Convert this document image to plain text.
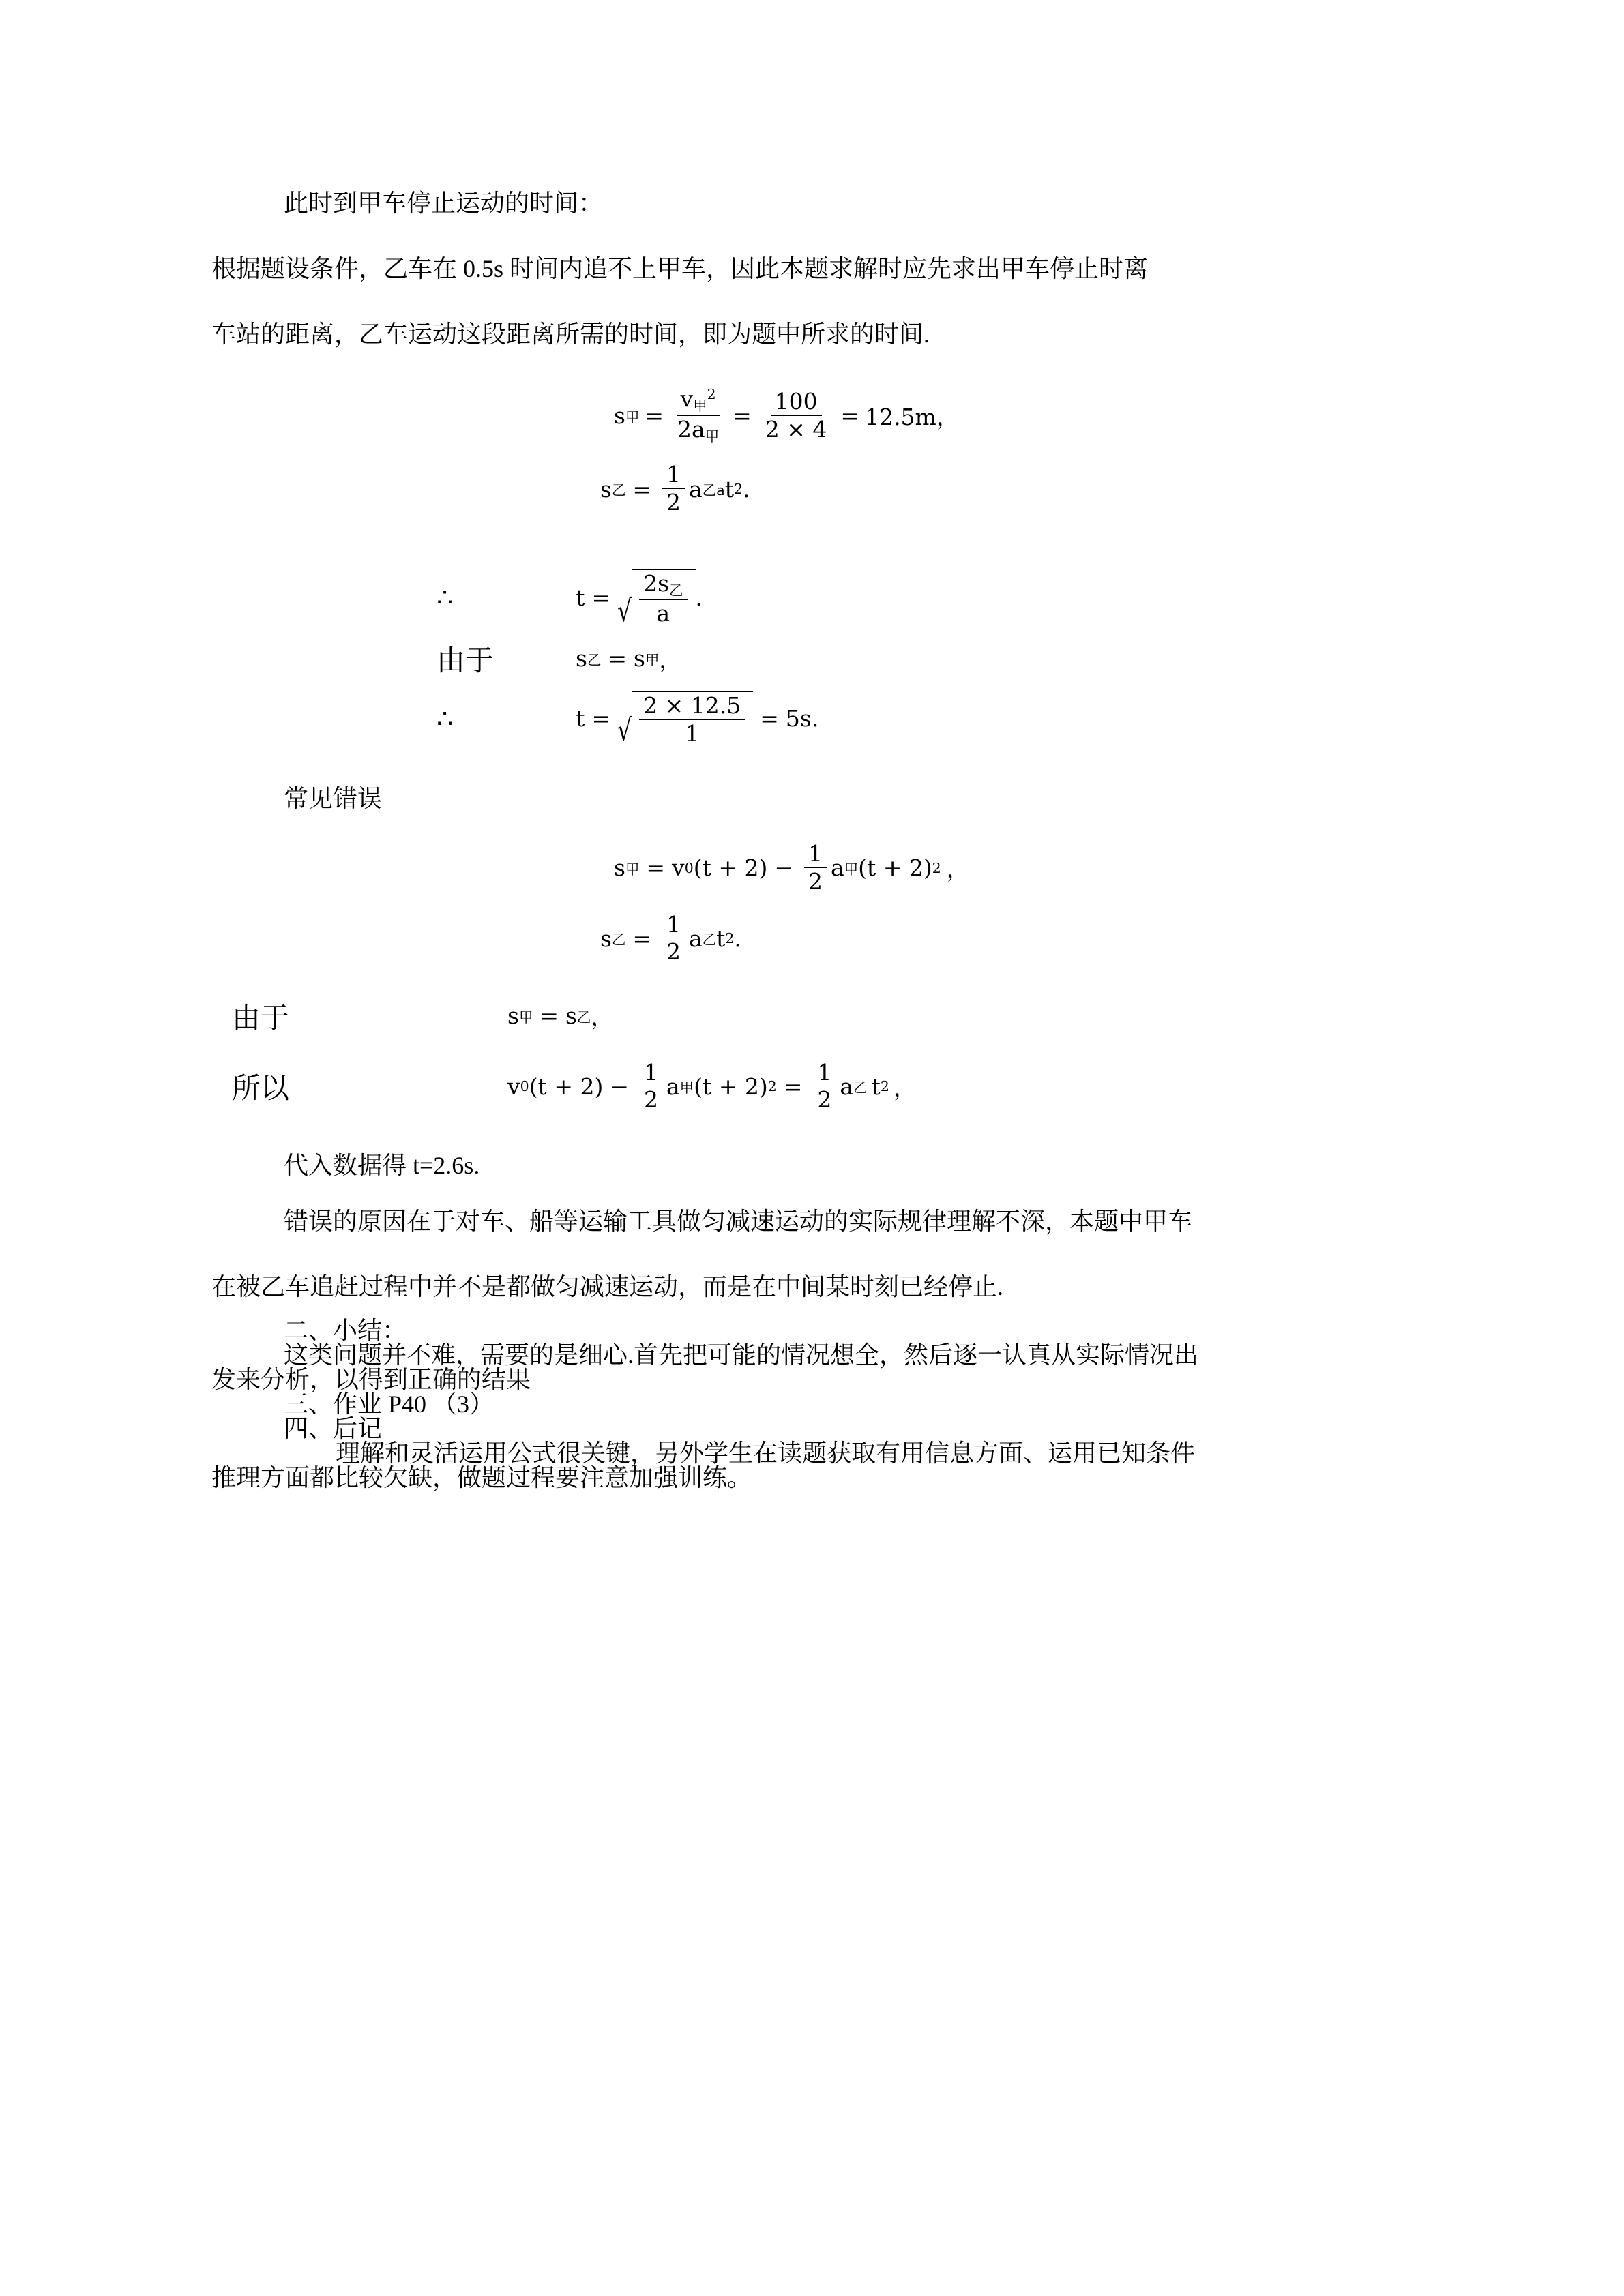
此时到甲车停止运动的时间：

根据题设条件，乙车在 0.5s 时间内追不上甲车，因此本题求解时应先求出甲车停止时离

车站的距离，乙车运动这段距离所需的时间，即为题中所求的时间.

s 甲 = $\frac{\text{v甲2}}{\text{2a甲}} = \frac{100}{2 \times 4} = 12.5m$，
s 乙 = $\frac{1}{2}$ a 乙a t 2 .
∴	t = √ $\frac{\text{2s乙}}{a}$ .
由于	s 乙 = s 甲 ，
∴	t = √ $\frac{2 \times 12.5}{1} = 5s$.

常见错误

s 甲 = v 0 $(t + 2) - \frac{1}{2}$ a 甲 (t + 2) 2 ，
s 乙 = $\frac{1}{2}$ a 乙 t 2 .
由于	s 甲 = s 乙 ，
所以	v 0 $(t + 2) - \frac{1}{2}$ a 甲 (t + 2) $2 = \frac{1}{2}$ a 乙 t 2 ，

代入数据得 t=2.6s.

错误的原因在于对车、船等运输工具做匀减速运动的实际规律理解不深，本题中甲车

在被乙车追赶过程中并不是都做匀减速运动，而是在中间某时刻已经停止.

二、小结：

这类问题并不难，需要的是细心.首先把可能的情况想全，然后逐一认真从实际情况出

发来分析，以得到正确的结果

三、作业 P40 （3）

四、后记

理解和灵活运用公式很关键，另外学生在读题获取有用信息方面、运用已知条件

推理方面都比较欠缺，做题过程要注意加强训练。
